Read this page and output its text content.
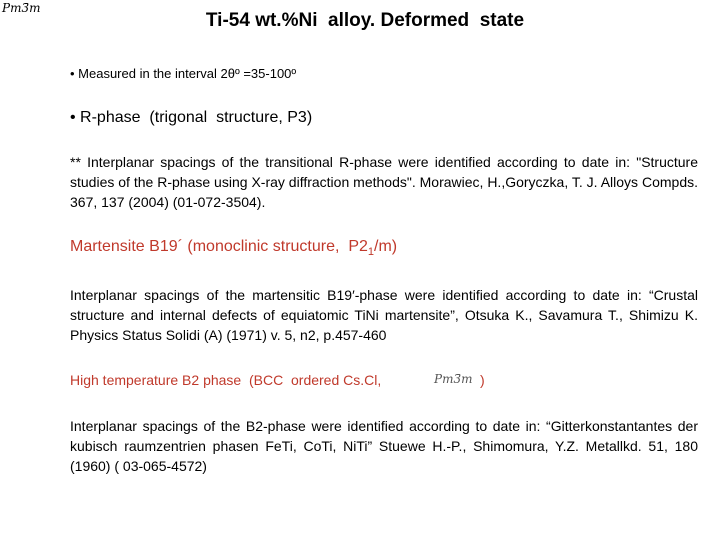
Pm3̄m
Ti-54 wt.%Ni  alloy. Deformed  state
• Measured in the interval 2θº =35-100º
• R-phase  (trigonal  structure, P3)
** Interplanar spacings of the transitional R-phase were identified according to date in: "Structure studies of the R-phase using X-ray diffraction methods". Morawiec, H.,Goryczka, T. J. Alloys Compds. 367, 137 (2004) (01-072-3504).
Martensite B19´ (monoclinic structure,  $P2_1/m$)
Interplanar spacings of the martensitic B19′-phase were identified according to date in: “Crustal structure and internal defects of equiatomic TiNi martensite”, Otsuka K., Savamura T., Shimizu K. Physics Status Solidi (A) (1971) v. 5, n2, p.457-460
High temperature B2 phase  (BCC  ordered Cs.Cl,	Pm3̄m )
Interplanar spacings of the B2-phase were identified according to date in: “Gitterkonstantantes der kubisch raumzentrien phasen FeTi, CoTi, NiTi” Stuewe H.-P., Shimomura, Y.Z. Metallkd. 51, 180 (1960) ( 03-065-4572)
